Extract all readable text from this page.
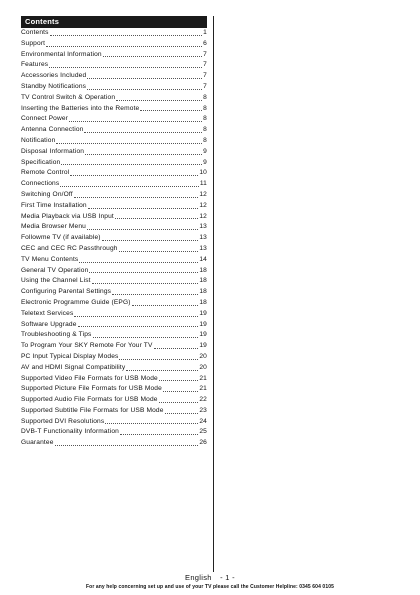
Contents
Contents	1
Support	6
Environmental Information	7
Features	7
Accessories Included	7
Standby Notifications	7
TV Control Switch & Operation	8
Inserting the Batteries into the Remote	8
Connect Power	8
Antenna Connection	8
Notification	8
Disposal Information	9
Specification	9
Remote Control	10
Connections	11
Switching On/Off	12
First Time Installation	12
Media Playback via USB Input	12
Media Browser Menu	13
Followme TV (if available)	13
CEC and CEC RC Passthrough	13
TV Menu Contents	14
General TV Operation	18
Using the Channel List	18
Configuring Parental Settings	18
Electronic Programme Guide (EPG)	18
Teletext Services	19
Software Upgrade	19
Troubleshooting & Tips	19
To Program Your SKY Remote For Your TV	19
PC Input Typical Display Modes	20
AV and HDMI Signal Compatibility	20
Supported Video File Formats for USB Mode	21
Supported Picture File Formats for USB Mode	21
Supported Audio File Formats for USB Mode	22
Supported Subtitle File Formats for USB Mode	23
Supported DVI Resolutions	24
DVB-T Functionality Information	25
Guarantee	26
English - 1 -
For any help concerning set up and use of your TV please call the Customer Helpline: 0345 604 0105
